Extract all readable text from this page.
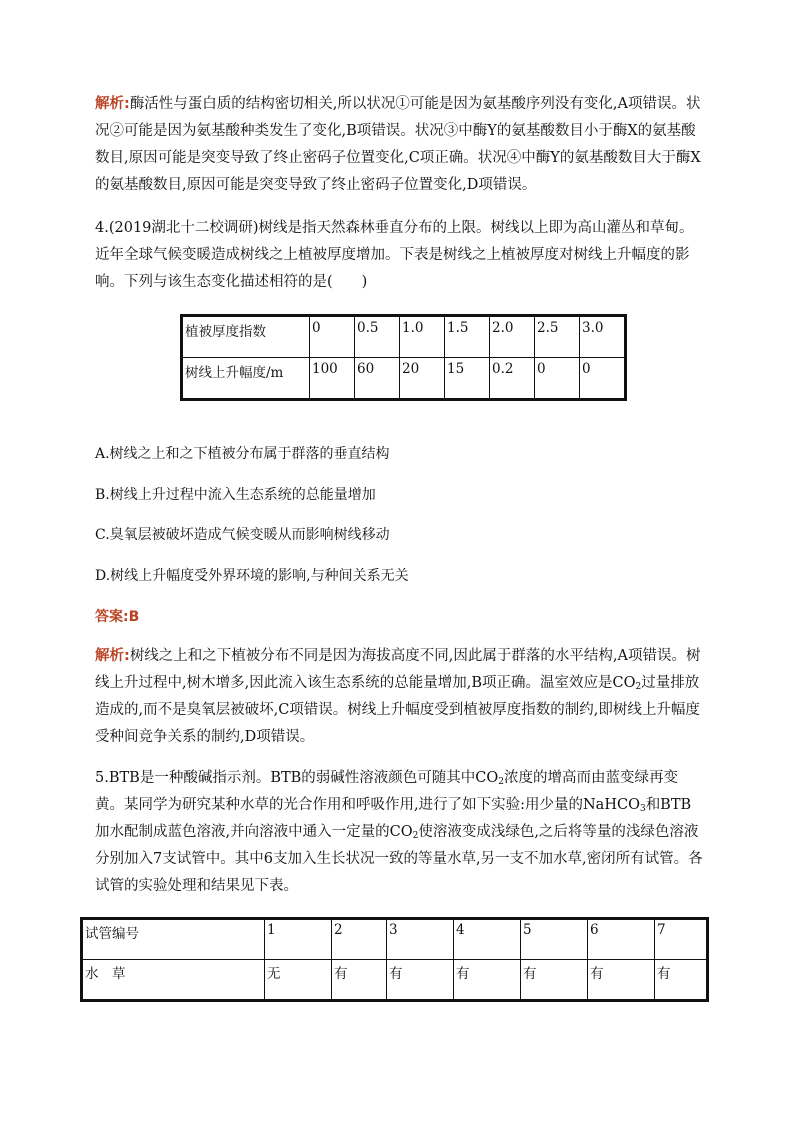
解析:酶活性与蛋白质的结构密切相关,所以状况①可能是因为氨基酸序列没有变化,A项错误。状况②可能是因为氨基酸种类发生了变化,B项错误。状况③中酶Y的氨基酸数目小于酶X的氨基酸数目,原因可能是突变导致了终止密码子位置变化,C项正确。状况④中酶Y的氨基酸数目大于酶X的氨基酸数目,原因可能是突变导致了终止密码子位置变化,D项错误。

4.(2019湖北十二校调研)树线是指天然森林垂直分布的上限。树线以上即为高山灌丛和草甸。近年全球气候变暖造成树线之上植被厚度增加。下表是树线之上植被厚度对树线上升幅度的影响。下列与该生态变化描述相符的是(　　)

植被厚度指数	0	0.5	1.0	1.5	2.0	2.5	3.0
树线上升幅度/m	100	60	20	15	0.2	0	0

A.树线之上和之下植被分布属于群落的垂直结构

B.树线上升过程中流入生态系统的总能量增加

C.臭氧层被破坏造成气候变暖从而影响树线移动

D.树线上升幅度受外界环境的影响,与种间关系无关

答案:B

解析:树线之上和之下植被分布不同是因为海拔高度不同,因此属于群落的水平结构,A项错误。树线上升过程中,树木增多,因此流入该生态系统的总能量增加,B项正确。温室效应是$CO_2$过量排放造成的,而不是臭氧层被破坏,C项错误。树线上升幅度受到植被厚度指数的制约,即树线上升幅度受种间竞争关系的制约,D项错误。

5.BTB是一种酸碱指示剂。BTB的弱碱性溶液颜色可随其中$CO_2$浓度的增高而由蓝变绿再变黄。某同学为研究某种水草的光合作用和呼吸作用,进行了如下实验:用少量的NaHCO$_3$和BTB加水配制成蓝色溶液,并向溶液中通入一定量的$CO_2$使溶液变成浅绿色,之后将等量的浅绿色溶液分别加入7支试管中。其中6支加入生长状况一致的等量水草,另一支不加水草,密闭所有试管。各试管的实验处理和结果见下表。

试管编号	1	2	3	4	5	6	7
水　草	无	有	有	有	有	有	有
